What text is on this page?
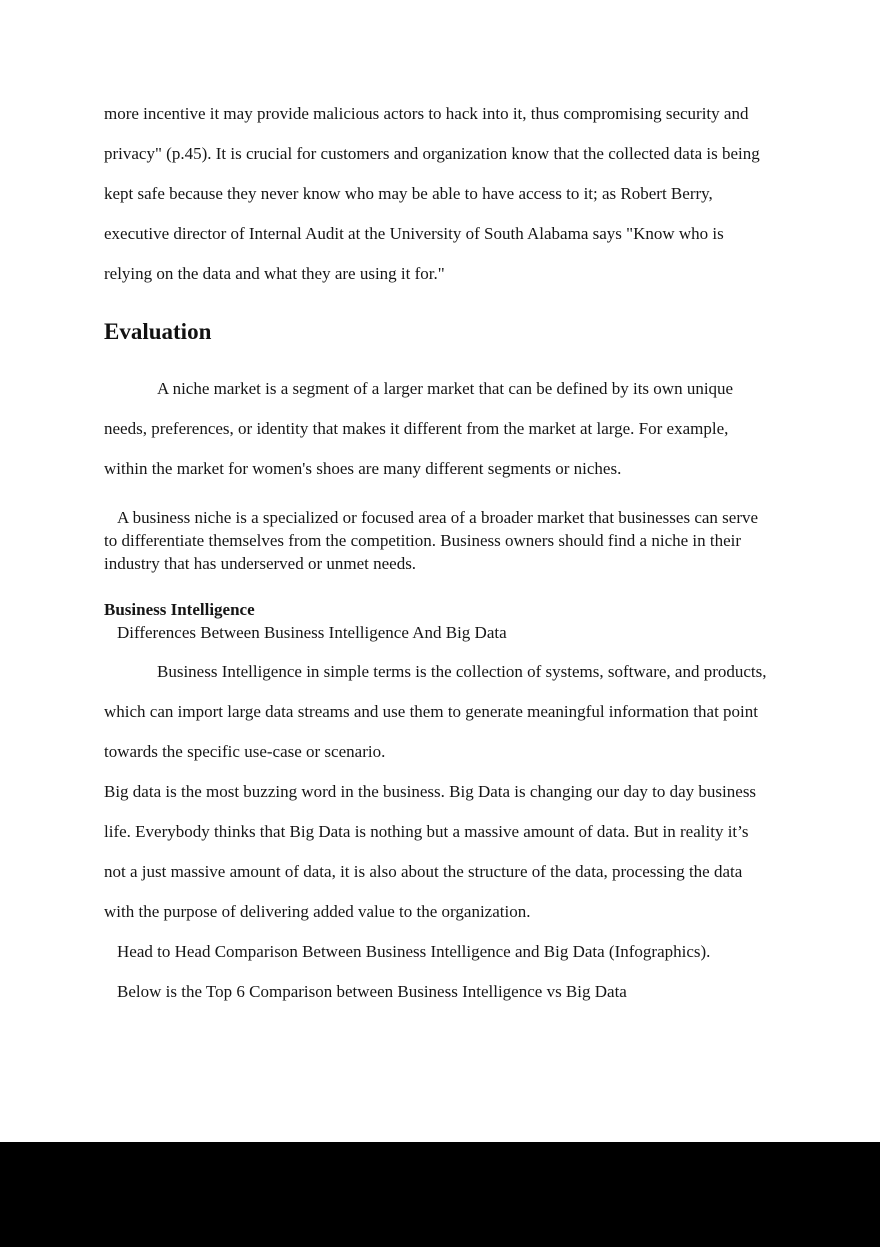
more incentive it may provide malicious actors to hack into it, thus compromising security and
privacy" (p.45). It is crucial for customers and organization know that the collected data is being
kept safe because they never know who may be able to have access to it; as Robert Berry,
executive director of Internal Audit at the University of South Alabama says "Know who is
relying on the data and what they are using it for."
Evaluation
A niche market is a segment of a larger market that can be defined by its own unique
needs, preferences, or identity that makes it different from the market at large. For example,
within the market for women's shoes are many different segments or niches.
A business niche is a specialized or focused area of a broader market that businesses can serve
to differentiate themselves from the competition. Business owners should find a niche in their
industry that has underserved or unmet needs.
Business Intelligence
Differences Between Business Intelligence And Big Data
Business Intelligence in simple terms is the collection of systems, software, and products,
which can import large data streams and use them to generate meaningful information that point
towards the specific use-case or scenario.
Big data is the most buzzing word in the business. Big Data is changing our day to day business
life. Everybody thinks that Big Data is nothing but a massive amount of data. But in reality it’s
not a just massive amount of data, it is also about the structure of the data, processing the data
with the purpose of delivering added value to the organization.
Head to Head Comparison Between Business Intelligence and Big Data (Infographics).
Below is the Top 6 Comparison between Business Intelligence vs Big Data
